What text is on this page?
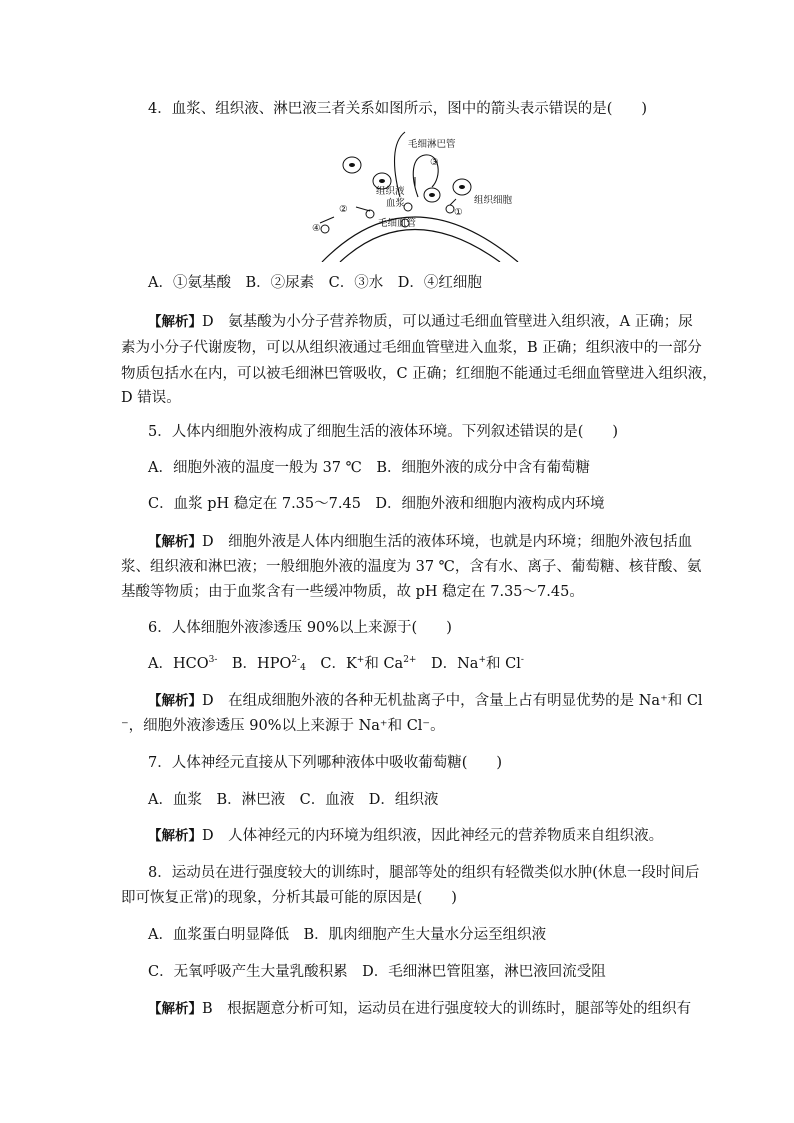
4．血浆、组织液、淋巴液三者关系如图所示，图中的箭头表示错误的是(　　)
毛细淋巴管
组织液
血浆
毛细血管
组织细胞
③
②	①
④
A．①氨基酸　B．②尿素　C．③水　D．④红细胞
【解析】D　氨基酸为小分子营养物质，可以通过毛细血管壁进入组织液，A 正确；尿
素为小分子代谢废物，可以从组织液通过毛细血管壁进入血浆，B 正确；组织液中的一部分
物质包括水在内，可以被毛细淋巴管吸收，C 正确；红细胞不能通过毛细血管壁进入组织液，
D 错误。
5．人体内细胞外液构成了细胞生活的液体环境。下列叙述错误的是(　　)
A．细胞外液的温度一般为 37 ℃　B．细胞外液的成分中含有葡萄糖
C．血浆 pH 稳定在 7.35～7.45　D．细胞外液和细胞内液构成内环境
【解析】D　细胞外液是人体内细胞生活的液体环境，也就是内环境；细胞外液包括血
浆、组织液和淋巴液；一般细胞外液的温度为 37 ℃，含有水、离子、葡萄糖、核苷酸、氨
基酸等物质；由于血浆含有一些缓冲物质，故 pH 稳定在 7.35～7.45。
6．人体细胞外液渗透压 90%以上来源于(　　)
A．$HCO^{3-}$　B．$HPO^{2-}_4$　C．K+和 $Ca^{2+}$　D．Na+和 Cl-
【解析】D　在组成细胞外液的各种无机盐离子中，含量上占有明显优势的是 Na⁺和 Cl
⁻，细胞外液渗透压 90%以上来源于 Na⁺和 Cl⁻。
7．人体神经元直接从下列哪种液体中吸收葡萄糖(　　)
A．血浆　B．淋巴液　C．血液　D．组织液
【解析】D　人体神经元的内环境为组织液，因此神经元的营养物质来自组织液。
8．运动员在进行强度较大的训练时，腿部等处的组织有轻微类似水肿(休息一段时间后
即可恢复正常)的现象，分析其最可能的原因是(　　)
A．血浆蛋白明显降低　B．肌肉细胞产生大量水分运至组织液
C．无氧呼吸产生大量乳酸积累　D．毛细淋巴管阻塞，淋巴液回流受阻
【解析】B　根据题意分析可知，运动员在进行强度较大的训练时，腿部等处的组织有
